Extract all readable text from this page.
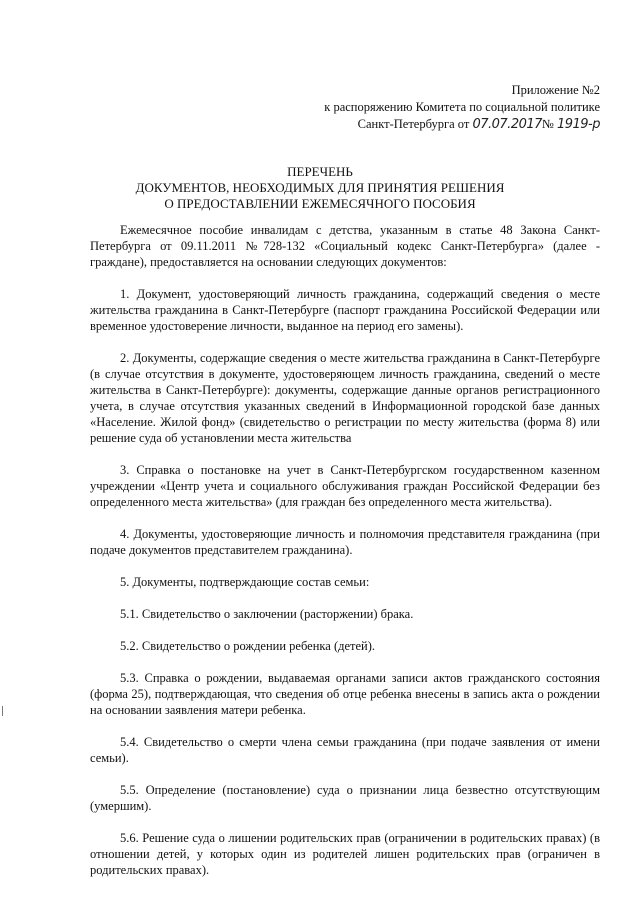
Приложение №2
к распоряжению Комитета по социальной политике
Санкт-Петербурга от 07.07.2017№ 1919-р
ПЕРЕЧЕНЬ
ДОКУМЕНТОВ, НЕОБХОДИМЫХ ДЛЯ ПРИНЯТИЯ РЕШЕНИЯ
О ПРЕДОСТАВЛЕНИИ ЕЖЕМЕСЯЧНОГО ПОСОБИЯ

Ежемесячное пособие инвалидам с детства, указанным в статье 48 Закона Санкт-Петербурга от 09.11.2011 №728-132 «Социальный кодекс Санкт-Петербурга» (далее - граждане), предоставляется на основании следующих документов:

1. Документ, удостоверяющий личность гражданина, содержащий сведения о месте жительства гражданина в Санкт-Петербурге (паспорт гражданина Российской Федерации или временное удостоверение личности, выданное на период его замены).

2. Документы, содержащие сведения о месте жительства гражданина в Санкт-Петербурге (в случае отсутствия в документе, удостоверяющем личность гражданина, сведений о месте жительства в Санкт-Петербурге): документы, содержащие данные органов регистрационного учета, в случае отсутствия указанных сведений в Информационной городской базе данных «Население. Жилой фонд» (свидетельство о регистрации по месту жительства (форма 8) или решение суда об установлении места жительства

3. Справка о постановке на учет в Санкт-Петербургском государственном казенном учреждении «Центр учета и социального обслуживания граждан Российской Федерации без определенного места жительства» (для граждан без определенного места жительства).

4. Документы, удостоверяющие личность и полномочия представителя гражданина (при подаче документов представителем гражданина).

5. Документы, подтверждающие состав семьи:

5.1. Свидетельство о заключении (расторжении) брака.

5.2. Свидетельство о рождении ребенка (детей).

5.3. Справка о рождении, выдаваемая органами записи актов гражданского состояния (форма 25), подтверждающая, что сведения об отце ребенка внесены в запись акта о рождении на основании заявления матери ребенка.

5.4. Свидетельство о смерти члена семьи гражданина (при подаче заявления от имени семьи).

5.5. Определение (постановление) суда о признании лица безвестно отсутствующим (умершим).

5.6. Решение суда о лишении родительских прав (ограничении в родительских правах) (в отношении детей, у которых один из родителей лишен родительских прав (ограничен в родительских правах).
